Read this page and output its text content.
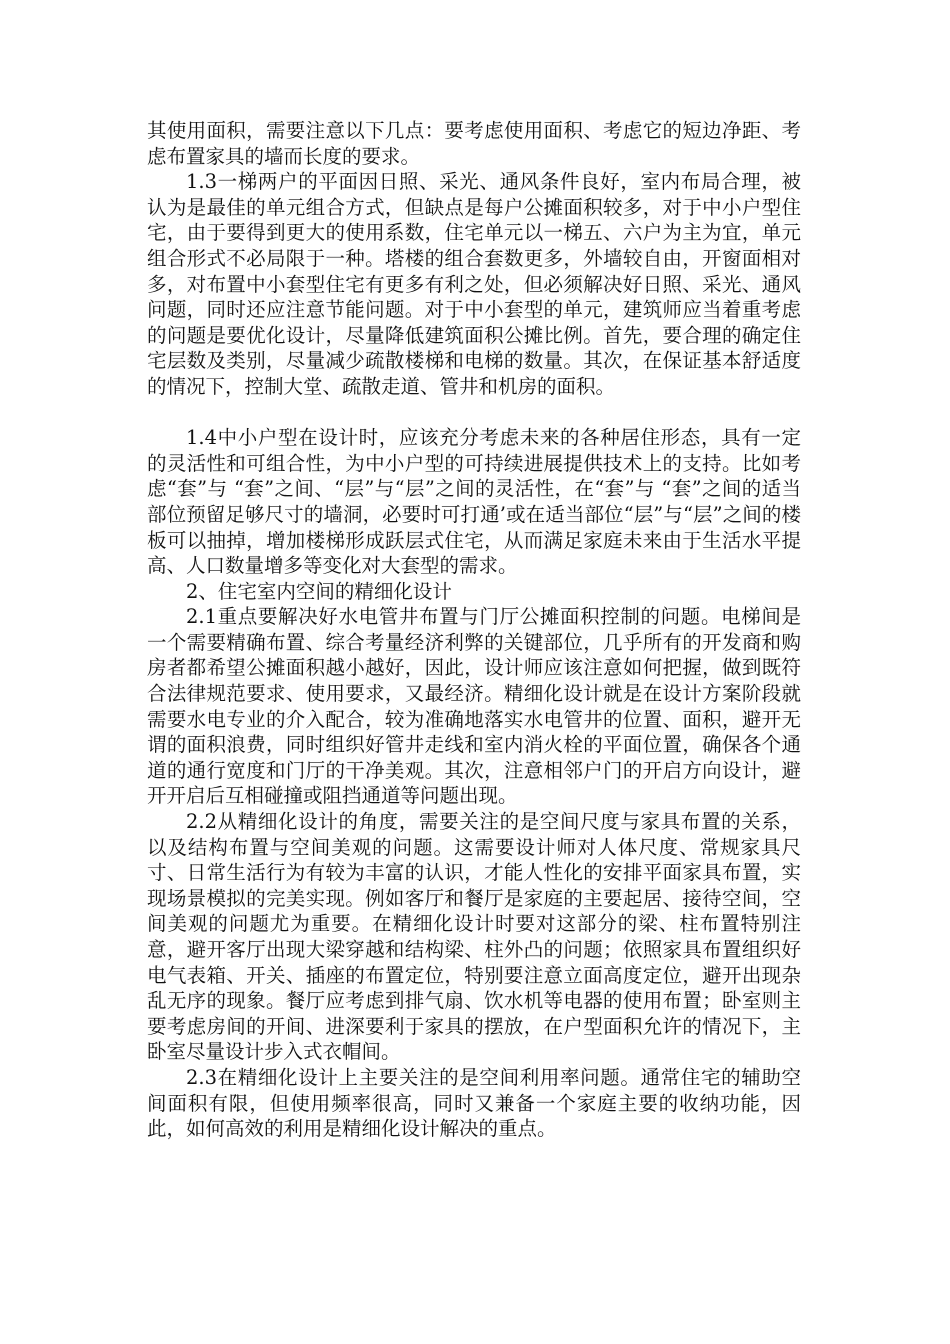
其使用面积，需要注意以下几点：要考虑使用面积、考虑它的短边净距、考虑布置家具的墙而长度的要求。

1.3一梯两户的平面因日照、采光、通风条件良好，室内布局合理，被认为是最佳的单元组合方式，但缺点是每户公摊面积较多，对于中小户型住宅，由于要得到更大的使用系数，住宅单元以一梯五、六户为主为宜，单元组合形式不必局限于一种。塔楼的组合套数更多，外墙较自由，开窗面相对多，对布置中小套型住宅有更多有利之处，但必须解决好日照、采光、通风问题，同时还应注意节能问题。对于中小套型的单元，建筑师应当着重考虑的问题是要优化设计，尽量降低建筑面积公摊比例。首先，要合理的确定住宅层数及类别，尽量减少疏散楼梯和电梯的数量。其次，在保证基本舒适度的情况下，控制大堂、疏散走道、管井和机房的面积。

1.4中小户型在设计时，应该充分考虑未来的各种居住形态，具有一定的灵活性和可组合性，为中小户型的可持续进展提供技术上的支持。比如考虑“套”与 “套”之间、“层”与“层”之间的灵活性，在“套”与 “套”之间的适当部位预留足够尺寸的墙洞，必要时可打通’或在适当部位“层”与“层”之间的楼板可以抽掉，增加楼梯形成跃层式住宅，从而满足家庭未来由于生活水平提高、人口数量增多等变化对大套型的需求。

2、住宅室内空间的精细化设计

2.1重点要解决好水电管井布置与门厅公摊面积控制的问题。电梯间是一个需要精确布置、综合考量经济利弊的关键部位，几乎所有的开发商和购房者都希望公摊面积越小越好，因此，设计师应该注意如何把握，做到既符合法律规范要求、使用要求，又最经济。精细化设计就是在设计方案阶段就需要水电专业的介入配合，较为准确地落实水电管井的位置、面积，避开无谓的面积浪费，同时组织好管井走线和室内消火栓的平面位置，确保各个通道的通行宽度和门厅的干净美观。其次，注意相邻户门的开启方向设计，避开开启后互相碰撞或阻挡通道等问题出现。

2.2从精细化设计的角度，需要关注的是空间尺度与家具布置的关系，以及结构布置与空间美观的问题。这需要设计师对人体尺度、常规家具尺寸、日常生活行为有较为丰富的认识，才能人性化的安排平面家具布置，实现场景模拟的完美实现。例如客厅和餐厅是家庭的主要起居、接待空间，空间美观的问题尤为重要。在精细化设计时要对这部分的梁、柱布置特别注意，避开客厅出现大梁穿越和结构梁、柱外凸的问题；依照家具布置组织好电气表箱、开关、插座的布置定位，特别要注意立面高度定位，避开出现杂乱无序的现象。餐厅应考虑到排气扇、饮水机等电器的使用布置；卧室则主要考虑房间的开间、进深要利于家具的摆放，在户型面积允许的情况下，主卧室尽量设计步入式衣帽间。

2.3在精细化设计上主要关注的是空间利用率问题。通常住宅的辅助空间面积有限，但使用频率很高，同时又兼备一个家庭主要的收纳功能，因此，如何高效的利用是精细化设计解决的重点。
